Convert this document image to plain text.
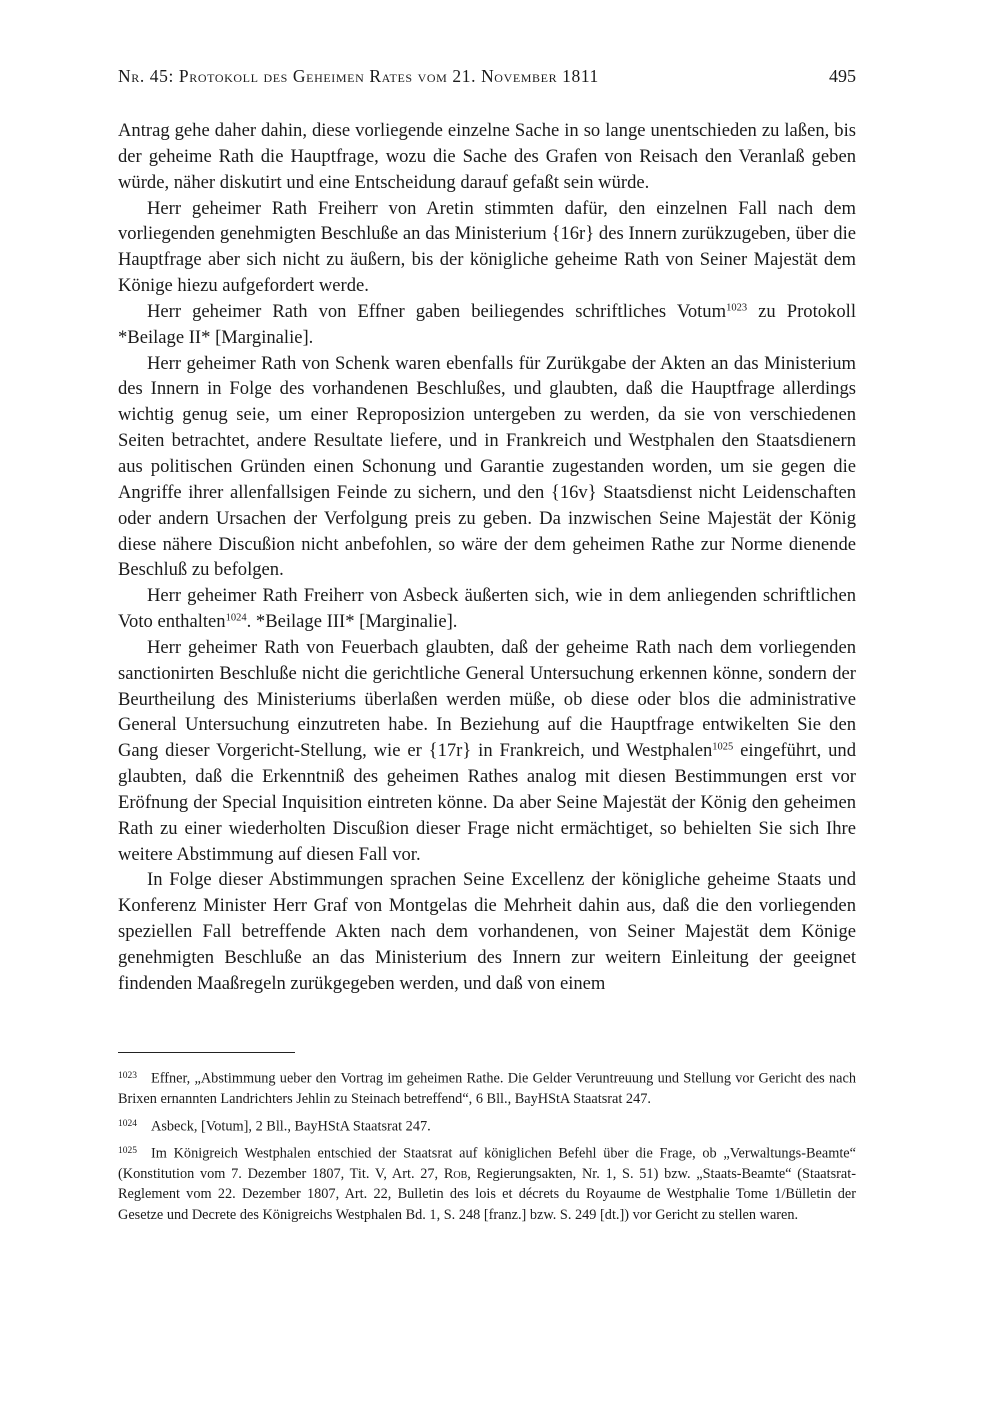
Nr. 45: Protokoll des Geheimen Rates vom 21. November 1811	495

Antrag gehe daher dahin, diese vorliegende einzelne Sache in so lange unentschieden zu laßen, bis der geheime Rath die Hauptfrage, wozu die Sache des Grafen von Reisach den Veranlaß geben würde, näher diskutirt und eine Entscheidung darauf gefaßt sein würde.

Herr geheimer Rath Freiherr von Aretin stimmten dafür, den einzelnen Fall nach dem vorliegenden genehmigten Beschluße an das Ministerium {16r} des Innern zurükzugeben, über die Hauptfrage aber sich nicht zu äußern, bis der königliche geheime Rath von Seiner Majestät dem Könige hiezu aufgefordert werde.

Herr geheimer Rath von Effner gaben beiliegendes schriftliches Votum$^{1023}$ zu Protokoll *Beilage II* [Marginalie].

Herr geheimer Rath von Schenk waren ebenfalls für Zurükgabe der Akten an das Ministerium des Innern in Folge des vorhandenen Beschlußes, und glaubten, daß die Hauptfrage allerdings wichtig genug seie, um einer Reproposizion untergeben zu werden, da sie von verschiedenen Seiten betrachtet, andere Resultate liefere, und in Frankreich und Westphalen den Staatsdienern aus politischen Gründen einen Schonung und Garantie zugestanden worden, um sie gegen die Angriffe ihrer allenfallsigen Feinde zu sichern, und den {16v} Staatsdienst nicht Leidenschaften oder andern Ursachen der Verfolgung preis zu geben. Da inzwischen Seine Majestät der König diese nähere Discußion nicht anbefohlen, so wäre der dem geheimen Rathe zur Norme dienende Beschluß zu befolgen.

Herr geheimer Rath Freiherr von Asbeck äußerten sich, wie in dem anliegenden schriftlichen Voto enthalten$^{1024}$. *Beilage III* [Marginalie].

Herr geheimer Rath von Feuerbach glaubten, daß der geheime Rath nach dem vorliegenden sanctionirten Beschluße nicht die gerichtliche General Untersuchung erkennen könne, sondern der Beurtheilung des Ministeriums überlaßen werden müße, ob diese oder blos die administrative General Untersuchung einzutreten habe. In Beziehung auf die Hauptfrage entwikelten Sie den Gang dieser Vorgericht-Stellung, wie er {17r} in Frankreich, und Westphalen$^{1025}$ eingeführt, und glaubten, daß die Erkenntniß des geheimen Rathes analog mit diesen Bestimmungen erst vor Eröfnung der Special Inquisition eintreten könne. Da aber Seine Majestät der König den geheimen Rath zu einer wiederholten Discußion dieser Frage nicht ermächtiget, so behielten Sie sich Ihre weitere Abstimmung auf diesen Fall vor.

In Folge dieser Abstimmungen sprachen Seine Excellenz der königliche geheime Staats und Konferenz Minister Herr Graf von Montgelas die Mehrheit dahin aus, daß die den vorliegenden speziellen Fall betreffende Akten nach dem vorhandenen, von Seiner Majestät dem Könige genehmigten Beschluße an das Ministerium des Innern zur weitern Einleitung der geeignet findenden Maaßregeln zurükgegeben werden, und daß von einem

1023 Effner, „Abstimmung ueber den Vortrag im geheimen Rathe. Die Gelder Veruntreuung und Stellung vor Gericht des nach Brixen ernannten Landrichters Jehlin zu Steinach betreffend“, 6 Bll., BayHStA Staatsrat 247.

1024 Asbeck, [Votum], 2 Bll., BayHStA Staatsrat 247.

1025 Im Königreich Westphalen entschied der Staatsrat auf königlichen Befehl über die Frage, ob „Verwaltungs-Beamte“ (Konstitution vom 7. Dezember 1807, Tit. V, Art. 27, Rob, Regierungsakten, Nr. 1, S. 51) bzw. „Staats-Beamte“ (Staatsrat-Reglement vom 22. Dezember 1807, Art. 22, Bulletin des lois et décrets du Royaume de Westphalie Tome 1/Bülletin der Gesetze und Decrete des Königreichs Westphalen Bd. 1, S. 248 [franz.] bzw. S. 249 [dt.]) vor Gericht zu stellen waren.
